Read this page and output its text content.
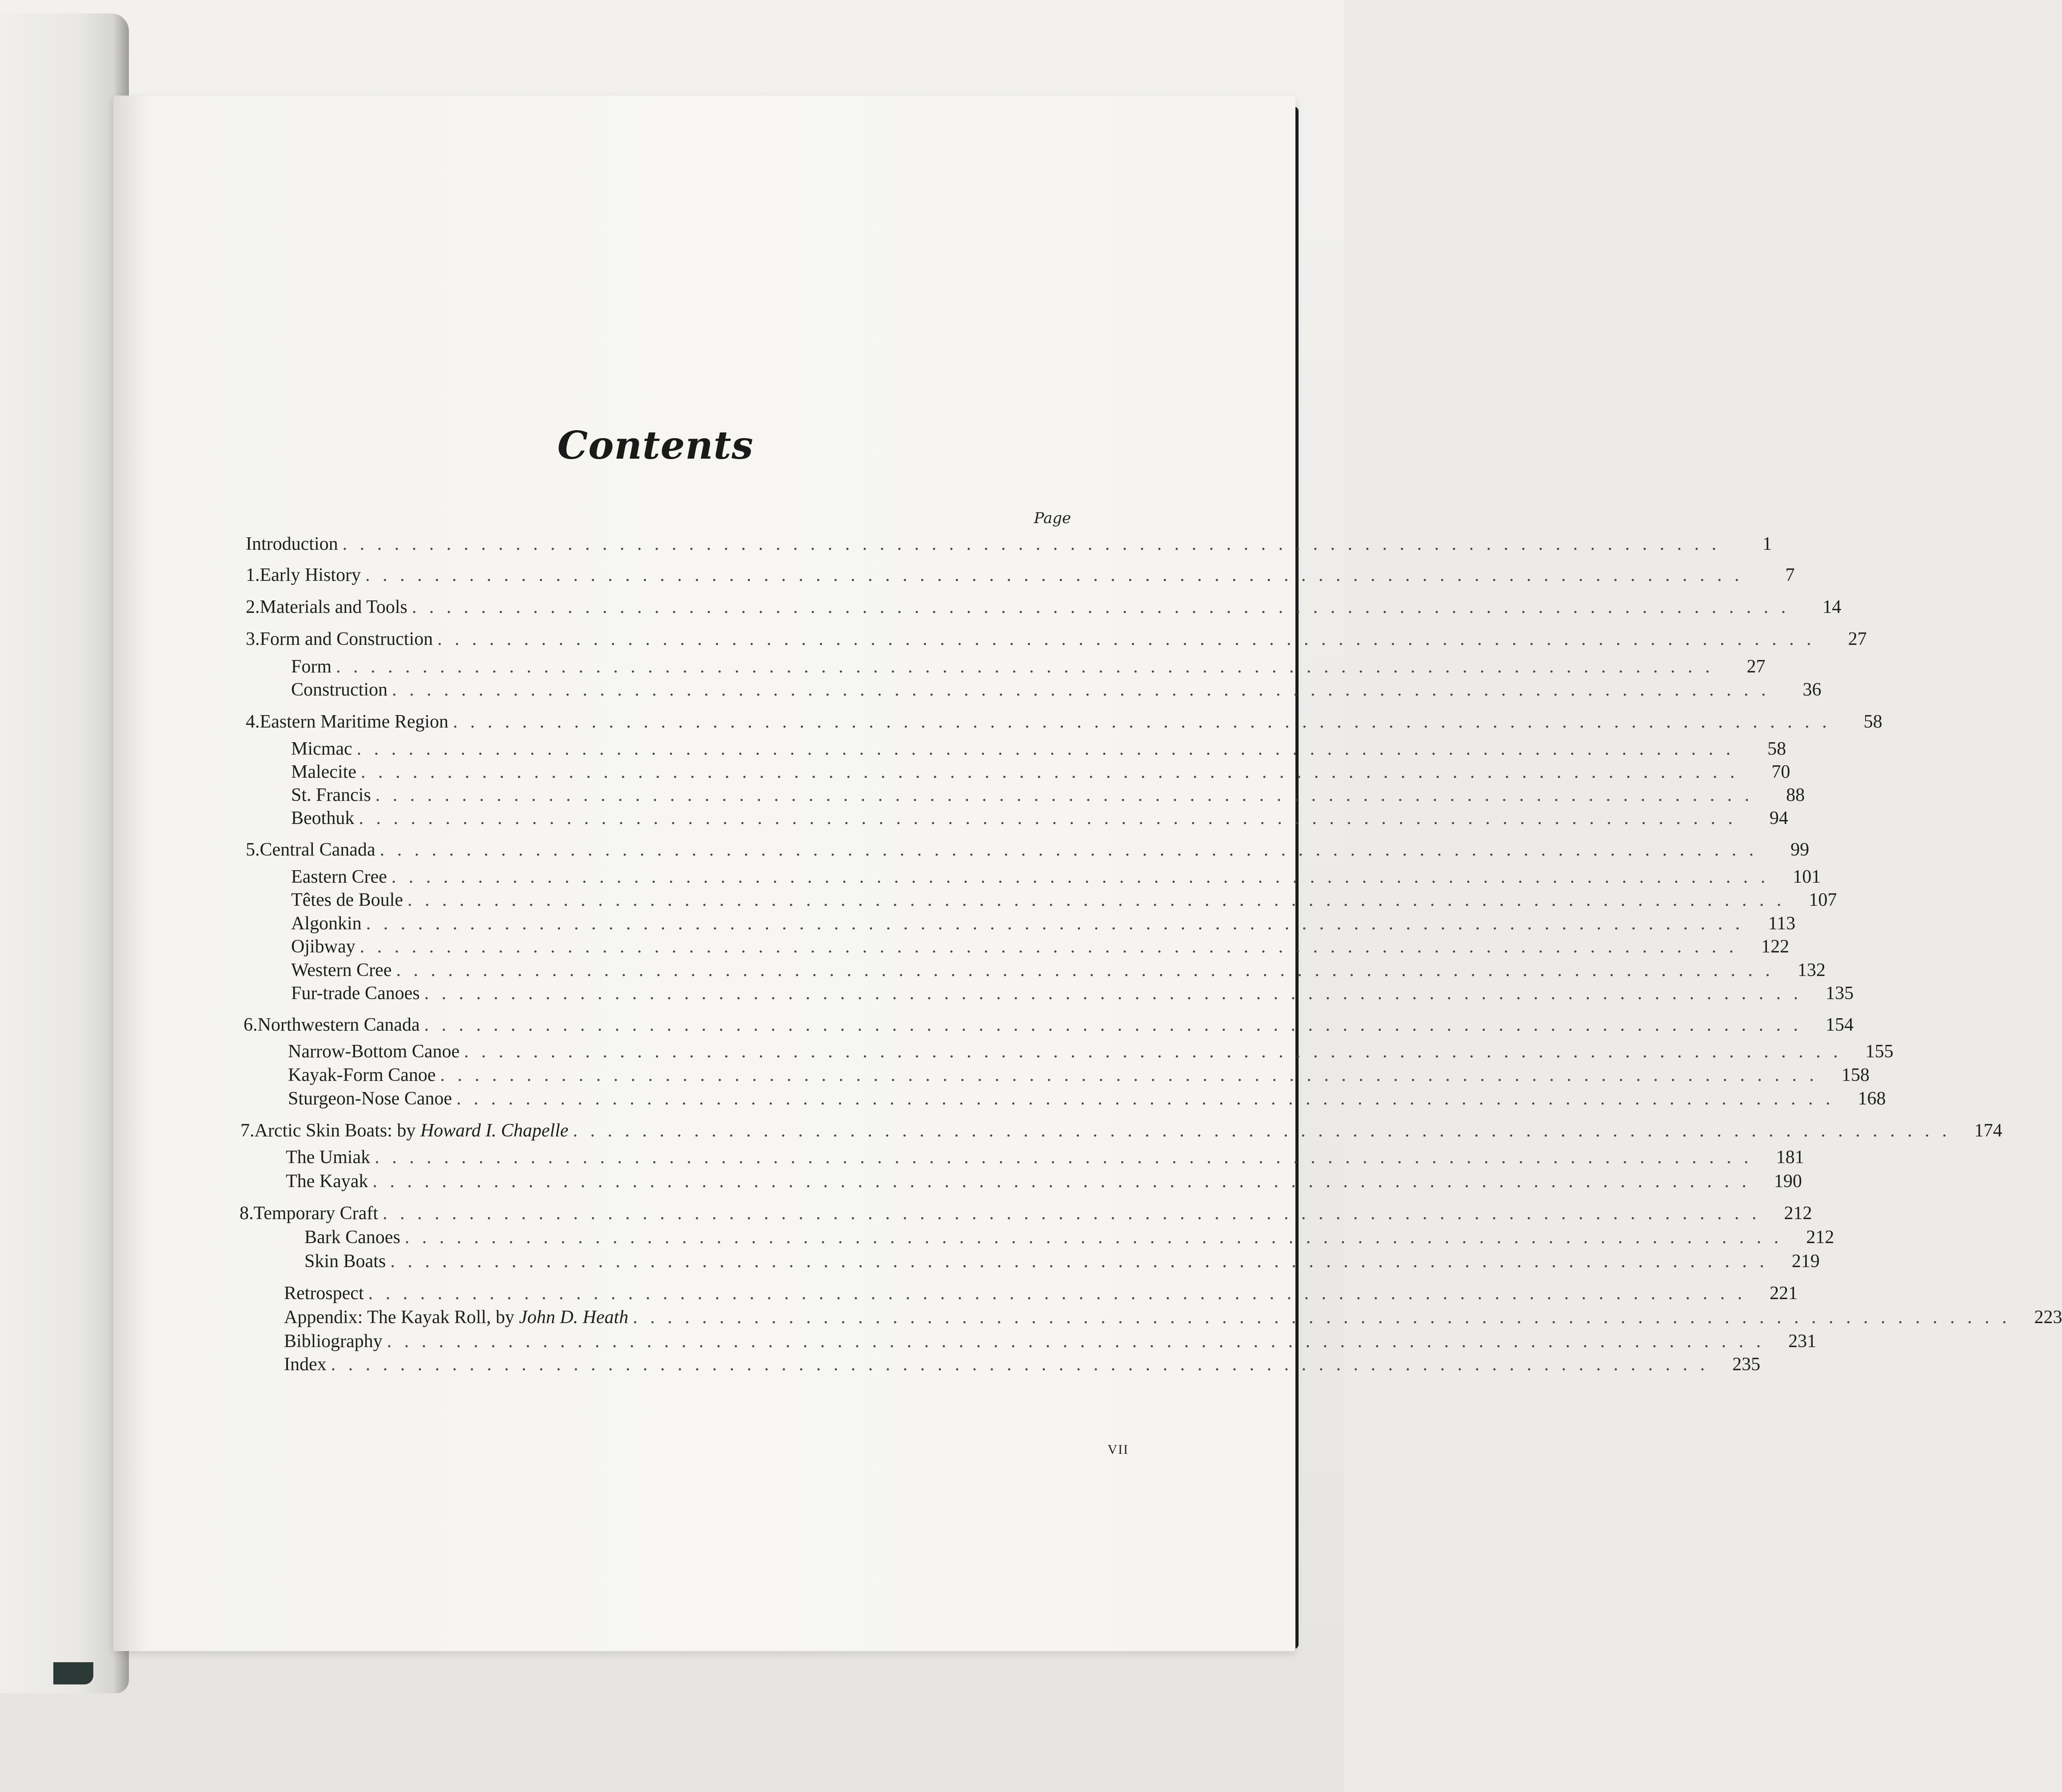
Contents
Page
Introduction . . . . . . . . . . . . . . . . . . . . . . . . . . . . . . . . . . . . . . . . . . . . . . . . . . . . . . . . . . . . . . . . . . . . . . . . . . . . . . . .	1
1. Early History . . . . . . . . . . . . . . . . . . . . . . . . . . . . . . . . . . . . . . . . . . . . . . . . . . . . . . . . . . . . . . . . . . . . . . . . . . . . . . . .	7
2. Materials and Tools . . . . . . . . . . . . . . . . . . . . . . . . . . . . . . . . . . . . . . . . . . . . . . . . . . . . . . . . . . . . . . . . . . . . . . . . . . . . . . . .	14
3. Form and Construction . . . . . . . . . . . . . . . . . . . . . . . . . . . . . . . . . . . . . . . . . . . . . . . . . . . . . . . . . . . . . . . . . . . . . . . . . . . . . . . .	27
Form . . . . . . . . . . . . . . . . . . . . . . . . . . . . . . . . . . . . . . . . . . . . . . . . . . . . . . . . . . . . . . . . . . . . . . . . . . . . . . . .	27
Construction . . . . . . . . . . . . . . . . . . . . . . . . . . . . . . . . . . . . . . . . . . . . . . . . . . . . . . . . . . . . . . . . . . . . . . . . . . . . . . . .	36
4. Eastern Maritime Region . . . . . . . . . . . . . . . . . . . . . . . . . . . . . . . . . . . . . . . . . . . . . . . . . . . . . . . . . . . . . . . . . . . . . . . . . . . . . . . .	58
Micmac . . . . . . . . . . . . . . . . . . . . . . . . . . . . . . . . . . . . . . . . . . . . . . . . . . . . . . . . . . . . . . . . . . . . . . . . . . . . . . . .	58
Malecite . . . . . . . . . . . . . . . . . . . . . . . . . . . . . . . . . . . . . . . . . . . . . . . . . . . . . . . . . . . . . . . . . . . . . . . . . . . . . . . .	70
St. Francis . . . . . . . . . . . . . . . . . . . . . . . . . . . . . . . . . . . . . . . . . . . . . . . . . . . . . . . . . . . . . . . . . . . . . . . . . . . . . . . .	88
Beothuk . . . . . . . . . . . . . . . . . . . . . . . . . . . . . . . . . . . . . . . . . . . . . . . . . . . . . . . . . . . . . . . . . . . . . . . . . . . . . . . .	94
5. Central Canada . . . . . . . . . . . . . . . . . . . . . . . . . . . . . . . . . . . . . . . . . . . . . . . . . . . . . . . . . . . . . . . . . . . . . . . . . . . . . . . .	99
Eastern Cree . . . . . . . . . . . . . . . . . . . . . . . . . . . . . . . . . . . . . . . . . . . . . . . . . . . . . . . . . . . . . . . . . . . . . . . . . . . . . . . .	101
Têtes de Boule . . . . . . . . . . . . . . . . . . . . . . . . . . . . . . . . . . . . . . . . . . . . . . . . . . . . . . . . . . . . . . . . . . . . . . . . . . . . . . . .	107
Algonkin . . . . . . . . . . . . . . . . . . . . . . . . . . . . . . . . . . . . . . . . . . . . . . . . . . . . . . . . . . . . . . . . . . . . . . . . . . . . . . . .	113
Ojibway . . . . . . . . . . . . . . . . . . . . . . . . . . . . . . . . . . . . . . . . . . . . . . . . . . . . . . . . . . . . . . . . . . . . . . . . . . . . . . . .	122
Western Cree . . . . . . . . . . . . . . . . . . . . . . . . . . . . . . . . . . . . . . . . . . . . . . . . . . . . . . . . . . . . . . . . . . . . . . . . . . . . . . . .	132
Fur-trade Canoes . . . . . . . . . . . . . . . . . . . . . . . . . . . . . . . . . . . . . . . . . . . . . . . . . . . . . . . . . . . . . . . . . . . . . . . . . . . . . . . .	135
6. Northwestern Canada . . . . . . . . . . . . . . . . . . . . . . . . . . . . . . . . . . . . . . . . . . . . . . . . . . . . . . . . . . . . . . . . . . . . . . . . . . . . . . . .	154
Narrow-Bottom Canoe . . . . . . . . . . . . . . . . . . . . . . . . . . . . . . . . . . . . . . . . . . . . . . . . . . . . . . . . . . . . . . . . . . . . . . . . . . . . . . . .	155
Kayak-Form Canoe . . . . . . . . . . . . . . . . . . . . . . . . . . . . . . . . . . . . . . . . . . . . . . . . . . . . . . . . . . . . . . . . . . . . . . . . . . . . . . . .	158
Sturgeon-Nose Canoe . . . . . . . . . . . . . . . . . . . . . . . . . . . . . . . . . . . . . . . . . . . . . . . . . . . . . . . . . . . . . . . . . . . . . . . . . . . . . . . .	168
7. Arctic Skin Boats: by Howard I. Chapelle . . . . . . . . . . . . . . . . . . . . . . . . . . . . . . . . . . . . . . . . . . . . . . . . . . . . . . . . . . . . . . . . . . . . . . . . . . . . . . . .	174
The Umiak . . . . . . . . . . . . . . . . . . . . . . . . . . . . . . . . . . . . . . . . . . . . . . . . . . . . . . . . . . . . . . . . . . . . . . . . . . . . . . . .	181
The Kayak . . . . . . . . . . . . . . . . . . . . . . . . . . . . . . . . . . . . . . . . . . . . . . . . . . . . . . . . . . . . . . . . . . . . . . . . . . . . . . . .	190
8. Temporary Craft . . . . . . . . . . . . . . . . . . . . . . . . . . . . . . . . . . . . . . . . . . . . . . . . . . . . . . . . . . . . . . . . . . . . . . . . . . . . . . . .	212
Bark Canoes . . . . . . . . . . . . . . . . . . . . . . . . . . . . . . . . . . . . . . . . . . . . . . . . . . . . . . . . . . . . . . . . . . . . . . . . . . . . . . . .	212
Skin Boats . . . . . . . . . . . . . . . . . . . . . . . . . . . . . . . . . . . . . . . . . . . . . . . . . . . . . . . . . . . . . . . . . . . . . . . . . . . . . . . .	219
Retrospect . . . . . . . . . . . . . . . . . . . . . . . . . . . . . . . . . . . . . . . . . . . . . . . . . . . . . . . . . . . . . . . . . . . . . . . . . . . . . . . .	221
Appendix: The Kayak Roll, by John D. Heath . . . . . . . . . . . . . . . . . . . . . . . . . . . . . . . . . . . . . . . . . . . . . . . . . . . . . . . . . . . . . . . . . . . . . . . . . . . . . . . .	223
Bibliography . . . . . . . . . . . . . . . . . . . . . . . . . . . . . . . . . . . . . . . . . . . . . . . . . . . . . . . . . . . . . . . . . . . . . . . . . . . . . . . .	231
Index . . . . . . . . . . . . . . . . . . . . . . . . . . . . . . . . . . . . . . . . . . . . . . . . . . . . . . . . . . . . . . . . . . . . . . . . . . . . . . . .	235
VII
